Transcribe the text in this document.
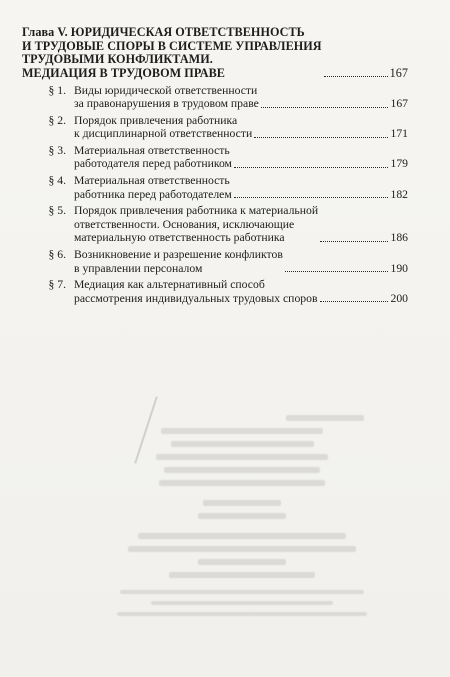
Глава V. ЮРИДИЧЕСКАЯ ОТВЕТСТВЕННОСТЬ
И ТРУДОВЫЕ СПОРЫ В СИСТЕМЕ УПРАВЛЕНИЯ
ТРУДОВЫМИ КОНФЛИКТАМИ.
МЕДИАЦИЯ В ТРУДОВОМ ПРАВЕ	167
§ 1. Виды юридической ответственности
за правонарушения в трудовом праве	167
§ 2. Порядок привлечения работника
к дисциплинарной ответственности	171
§ 3. Материальная ответственность
работодателя перед работником	179
§ 4. Материальная ответственность
работника перед работодателем	182
§ 5. Порядок привлечения работника к материальной
ответственности. Основания, исключающие
материальную ответственность работника	186
§ 6. Возникновение и разрешение конфликтов
в управлении персоналом	190
§ 7. Медиация как альтернативный способ
рассмотрения индивидуальных трудовых споров	200
